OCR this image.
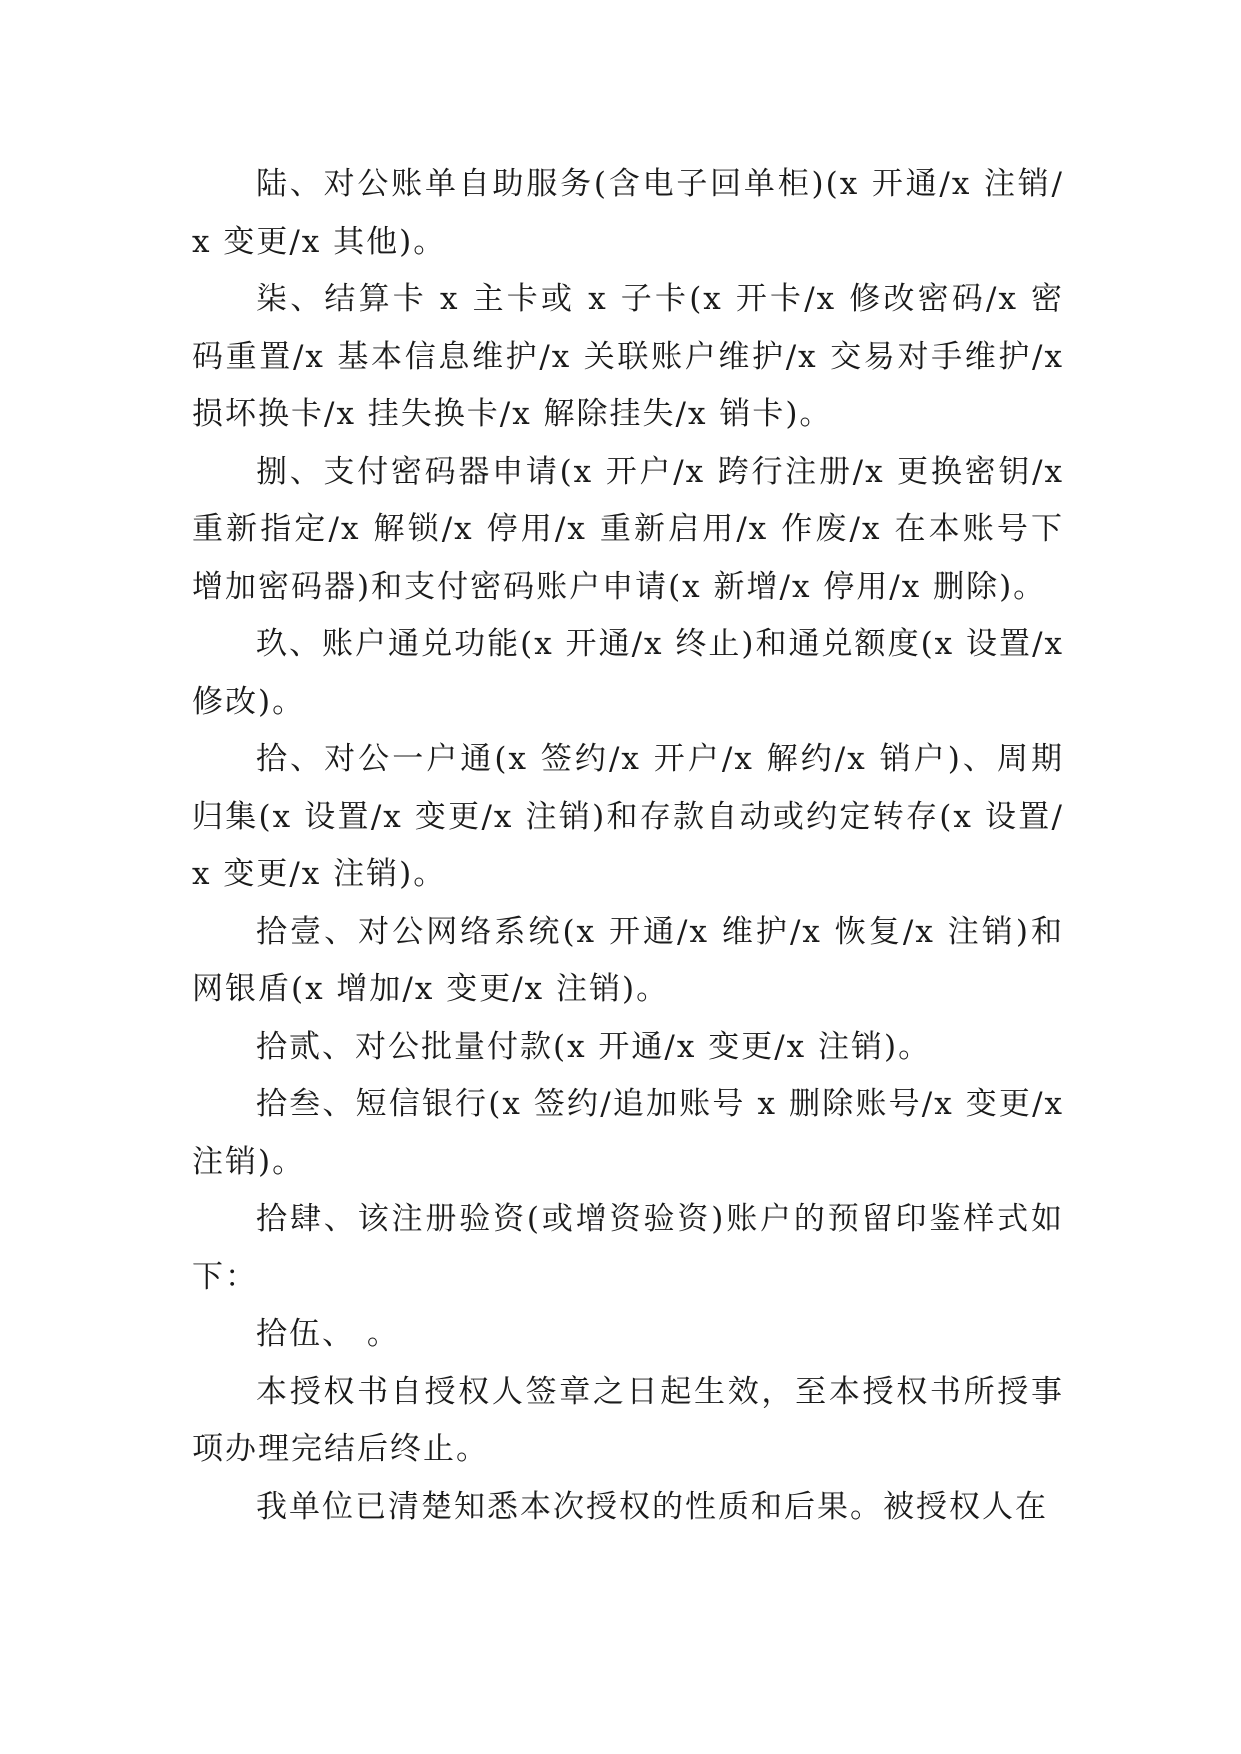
陆、对公账单自助服务(含电子回单柜)(x 开通/x 注销/x 变更/x 其他)。

柒、结算卡 x 主卡或 x 子卡(x 开卡/x 修改密码/x 密码重置/x 基本信息维护/x 关联账户维护/x 交易对手维护/x 损坏换卡/x 挂失换卡/x 解除挂失/x 销卡)。

捌、支付密码器申请(x 开户/x 跨行注册/x 更换密钥/x 重新指定/x 解锁/x 停用/x 重新启用/x 作废/x 在本账号下增加密码器)和支付密码账户申请(x 新增/x 停用/x 删除)。

玖、账户通兑功能(x 开通/x 终止)和通兑额度(x 设置/x 修改)。

拾、对公一户通(x 签约/x 开户/x 解约/x 销户)、周期归集(x 设置/x 变更/x 注销)和存款自动或约定转存(x 设置/x 变更/x 注销)。

拾壹、对公网络系统(x 开通/x 维护/x 恢复/x 注销)和网银盾(x 增加/x 变更/x 注销)。

拾贰、对公批量付款(x 开通/x 变更/x 注销)。

拾叁、短信银行(x 签约/追加账号 x 删除账号/x 变更/x 注销)。

拾肆、该注册验资(或增资验资)账户的预留印鉴样式如下：

拾伍、 。

本授权书自授权人签章之日起生效，至本授权书所授事项办理完结后终止。

我单位已清楚知悉本次授权的性质和后果。被授权人在
